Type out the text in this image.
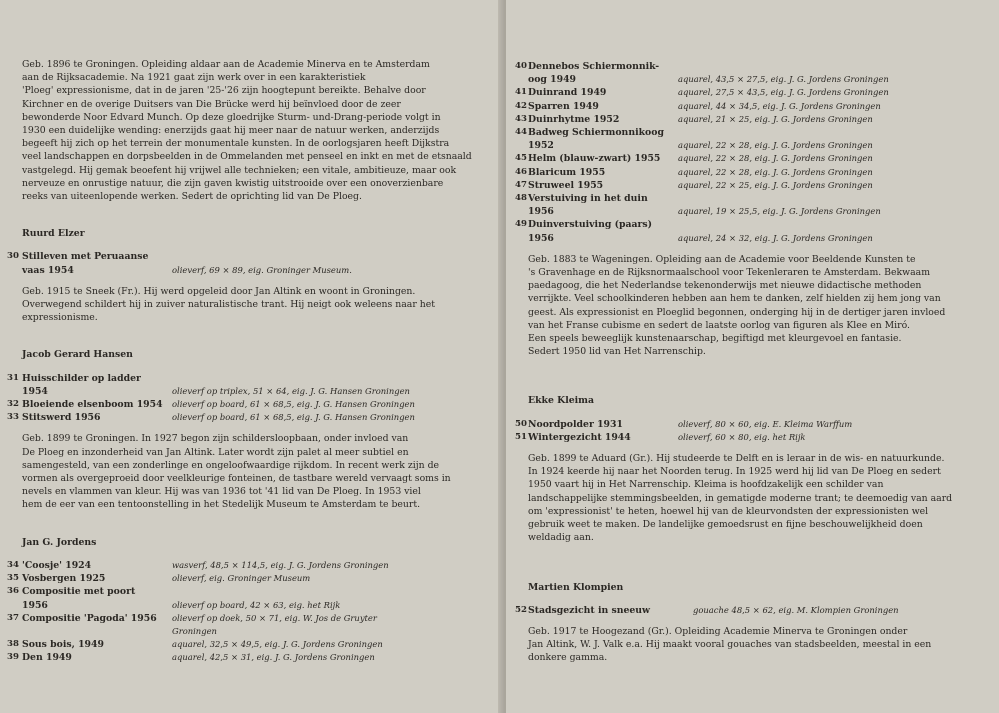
Geb. 1896 te Groningen. Opleiding aldaar aan de Academie Minerva en te Amsterdam
aan de Rijksacademie. Na 1921 gaat zijn werk over in een karakteristiek
'Ploeg' expressionisme, dat in de jaren '25-'26 zijn hoogtepunt bereikte. Behalve door
Kirchner en de overige Duitsers van Die Brücke werd hij beïnvloed door de zeer
bewonderde Noor Edvard Munch. Op deze gloedrijke Sturm- und-Drang-periode volgt in
1930 een duidelijke wending: enerzijds gaat hij meer naar de natuur werken, anderzijds
begeeft hij zich op het terrein der monumentale kunsten. In de oorlogsjaren heeft Dijkstra
veel landschappen en dorpsbeelden in de Ommelanden met penseel en inkt en met de etsnaald
vastgelegd. Hij gemak beoefent hij vrijwel alle technieken; een vitale, ambitieuze, maar ook
nerveuze en onrustige natuur, die zijn gaven kwistig uitstrooide over een onoverzienbare
reeks van uiteenlopende werken. Sedert de oprichting lid van De Ploeg.

Ruurd Elzer

30 Stilleven met Peruaanse
vaas 1954	
olieverf, 69 × 89, eig. Groninger Museum.

Geb. 1915 te Sneek (Fr.). Hij werd opgeleid door Jan Altink en woont in Groningen.
Overwegend schildert hij in zuiver naturalistische trant. Hij neigt ook weleens naar het
expressionisme.

Jacob Gerard Hansen

31 Huisschilder op ladder
1954	
olieverf op triplex, 51 × 64, eig. J. G. Hansen Groningen
32 Bloeiende elsenboom 1954	olieverf op board, 61 × 68,5, eig. J. G. Hansen Groningen
33 Stitswerd 1956	olieverf op board, 61 × 68,5, eig. J. G. Hansen Groningen

Geb. 1899 te Groningen. In 1927 begon zijn schildersloopbaan, onder invloed van
De Ploeg en inzonderheid van Jan Altink. Later wordt zijn palet al meer subtiel en
samengesteld, van een zonderlinge en ongeloofwaardige rijkdom. In recent werk zijn de
vormen als overgeproeid door veelkleurige fonteinen, de tastbare wereld vervaagt soms in
nevels en vlammen van kleur. Hij was van 1936 tot '41 lid van De Ploeg. In 1953 viel
hem de eer van een tentoonstelling in het Stedelijk Museum te Amsterdam te beurt.

Jan G. Jordens

34 'Coosje' 1924	wasverf, 48,5 × 114,5, eig. J. G. Jordens Groningen
35 Vosbergen 1925	olieverf, eig. Groninger Museum
36 Compositie met poort
1956	
olieverf op board, 42 × 63, eig. het Rijk
37 Compositie 'Pagoda' 1956	olieverf op doek, 50 × 71, eig. W. Jos de Gruyter
Groningen
38 Sous bois, 1949	aquarel, 32,5 × 49,5, eig. J. G. Jordens Groningen
39 Den 1949	aquarel, 42,5 × 31, eig. J. G. Jordens Groningen
40 Dennebos Schiermonnik-
oog 1949	
aquarel, 43,5 × 27,5, eig. J. G. Jordens Groningen
41 Duinrand 1949	aquarel, 27,5 × 43,5, eig. J. G. Jordens Groningen
42 Sparren 1949	aquarel, 44 × 34,5, eig. J. G. Jordens Groningen
43 Duinrhytme 1952	aquarel, 21 × 25, eig. J. G. Jordens Groningen
44 Badweg Schiermonnikoog
1952	
aquarel, 22 × 28, eig. J. G. Jordens Groningen
45 Helm (blauw-zwart) 1955	aquarel, 22 × 28, eig. J. G. Jordens Groningen
46 Blaricum 1955	aquarel, 22 × 28, eig. J. G. Jordens Groningen
47 Struweel 1955	aquarel, 22 × 25, eig. J. G. Jordens Groningen
48 Verstuiving in het duin
1956	
aquarel, 19 × 25,5, eig. J. G. Jordens Groningen
49 Duinverstuiving (paars)
1956	
aquarel, 24 × 32, eig. J. G. Jordens Groningen

Geb. 1883 te Wageningen. Opleiding aan de Academie voor Beeldende Kunsten te
's Gravenhage en de Rijksnormaalschool voor Tekenleraren te Amsterdam. Bekwaam
paedagoog, die het Nederlandse tekenonderwijs met nieuwe didactische methoden
verrijkte. Veel schoolkinderen hebben aan hem te danken, zelf hielden zij hem jong van
geest. Als expressionist en Ploeglid begonnen, onderging hij in de dertiger jaren invloed
van het Franse cubisme en sedert de laatste oorlog van figuren als Klee en Miró.
Een speels beweeglijk kunstenaarschap, begiftigd met kleurgevoel en fantasie.
Sedert 1950 lid van Het Narrenschip.

Ekke Kleima

50 Noordpolder 1931	olieverf, 80 × 60, eig. E. Kleima Warffum
51 Wintergezicht 1944	olieverf, 60 × 80, eig. het Rijk

Geb. 1899 te Aduard (Gr.). Hij studeerde te Delft en is leraar in de wis- en natuurkunde.
In 1924 keerde hij naar het Noorden terug. In 1925 werd hij lid van De Ploeg en sedert
1950 vaart hij in Het Narrenschip. Kleima is hoofdzakelijk een schilder van
landschappelijke stemmingsbeelden, in gematigde moderne trant; te deemoedig van aard
om 'expressionist' te heten, hoewel hij van de kleurvondsten der expressionisten wel
gebruik weet te maken. De landelijke gemoedsrust en fijne beschouwelijkheid doen
weldadig aan.

Martien Klompien

52 Stadsgezicht in sneeuw	gouache 48,5 × 62, eig. M. Klompien Groningen

Geb. 1917 te Hoogezand (Gr.). Opleiding Academie Minerva te Groningen onder
Jan Altink, W. J. Valk e.a. Hij maakt vooral gouaches van stadsbeelden, meestal in een
donkere gamma.
